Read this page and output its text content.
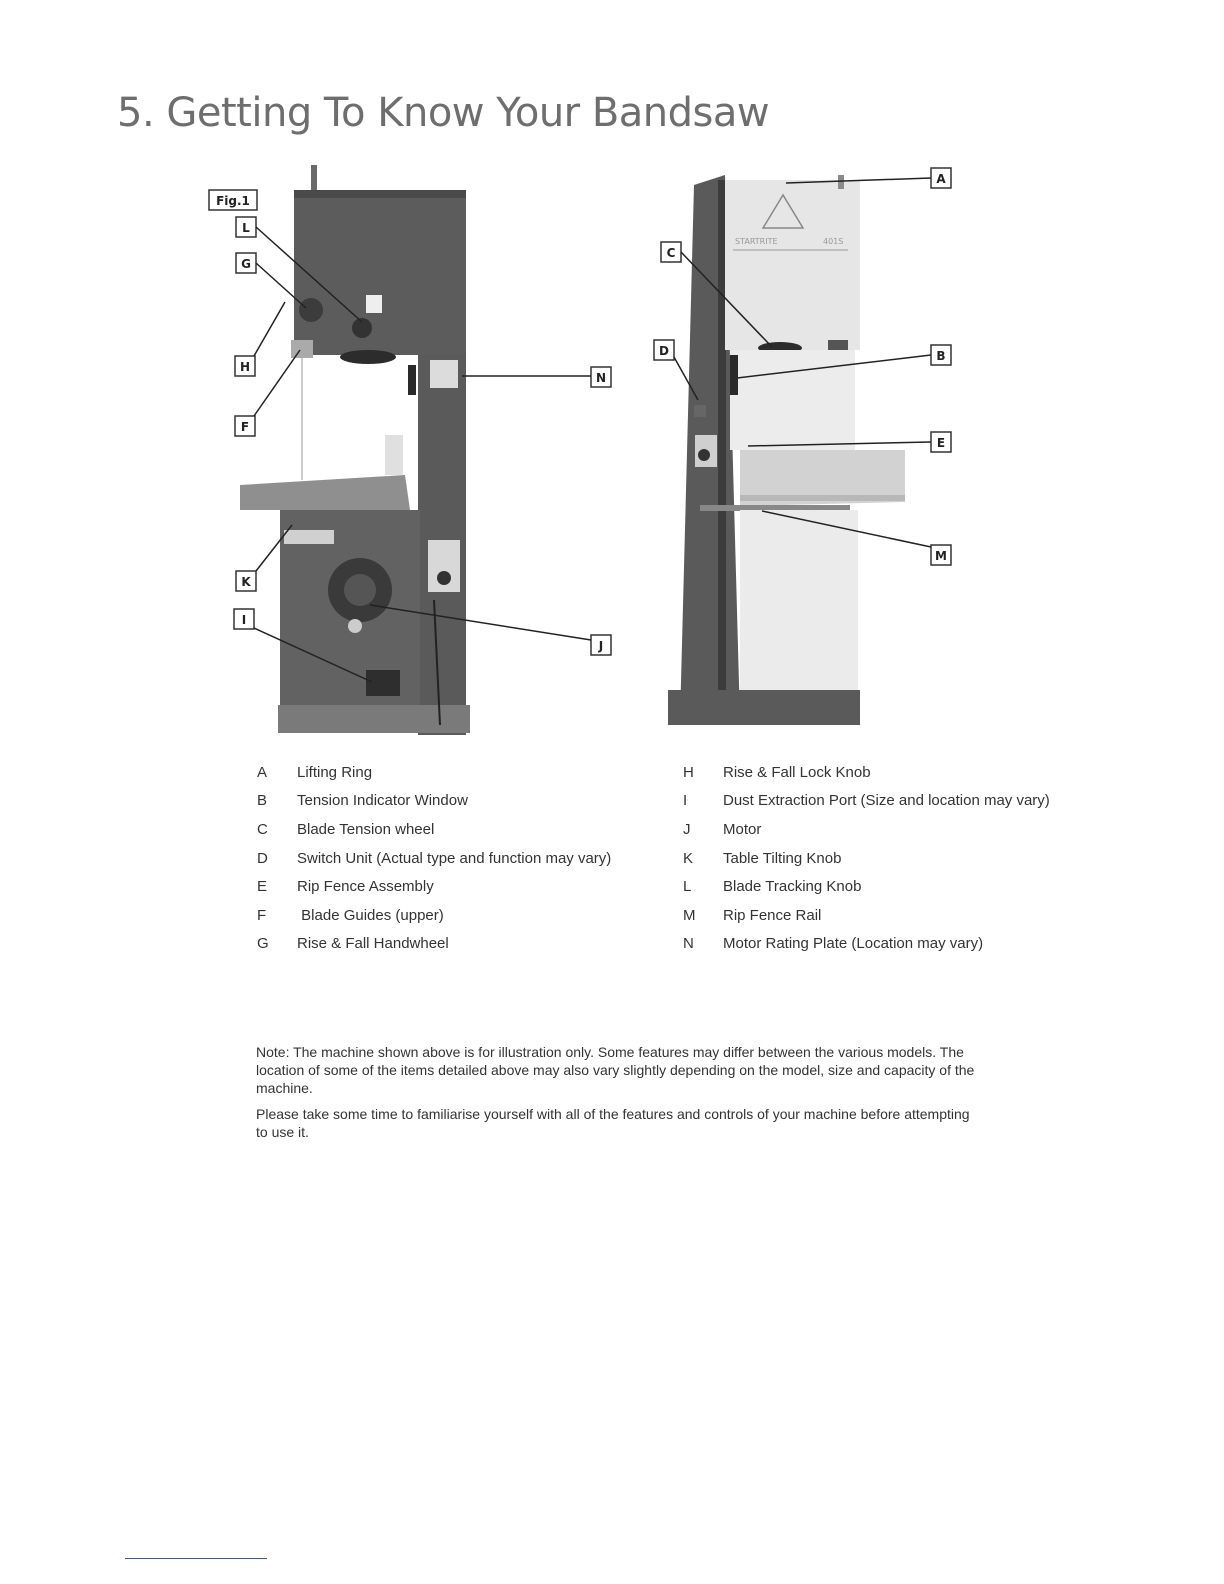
5. Getting To Know Your Bandsaw
Fig.1
STARTRITE	401S
L
G
H
F
N
K
I
J
A
C
D	B
E
M
A	Lifting Ring
B	Tension Indicator Window
C	Blade Tension wheel
D	Switch Unit (Actual type and function may vary)
E	Rip Fence Assembly
F	Blade Guides (upper)
G	Rise & Fall Handwheel
H	Rise & Fall Lock Knob
I	Dust Extraction Port (Size and location may vary)
J	Motor
K	Table Tilting Knob
L	Blade Tracking Knob
M	Rip Fence Rail
N	Motor Rating Plate (Location may vary)

Note: The machine shown above is for illustration only. Some features may differ between the various models. The location of some of the items detailed above may also vary slightly depending on the model, size and capacity of the machine.

Please take some time to familiarise yourself with all of the features and controls of your machine before attempting to use it.
